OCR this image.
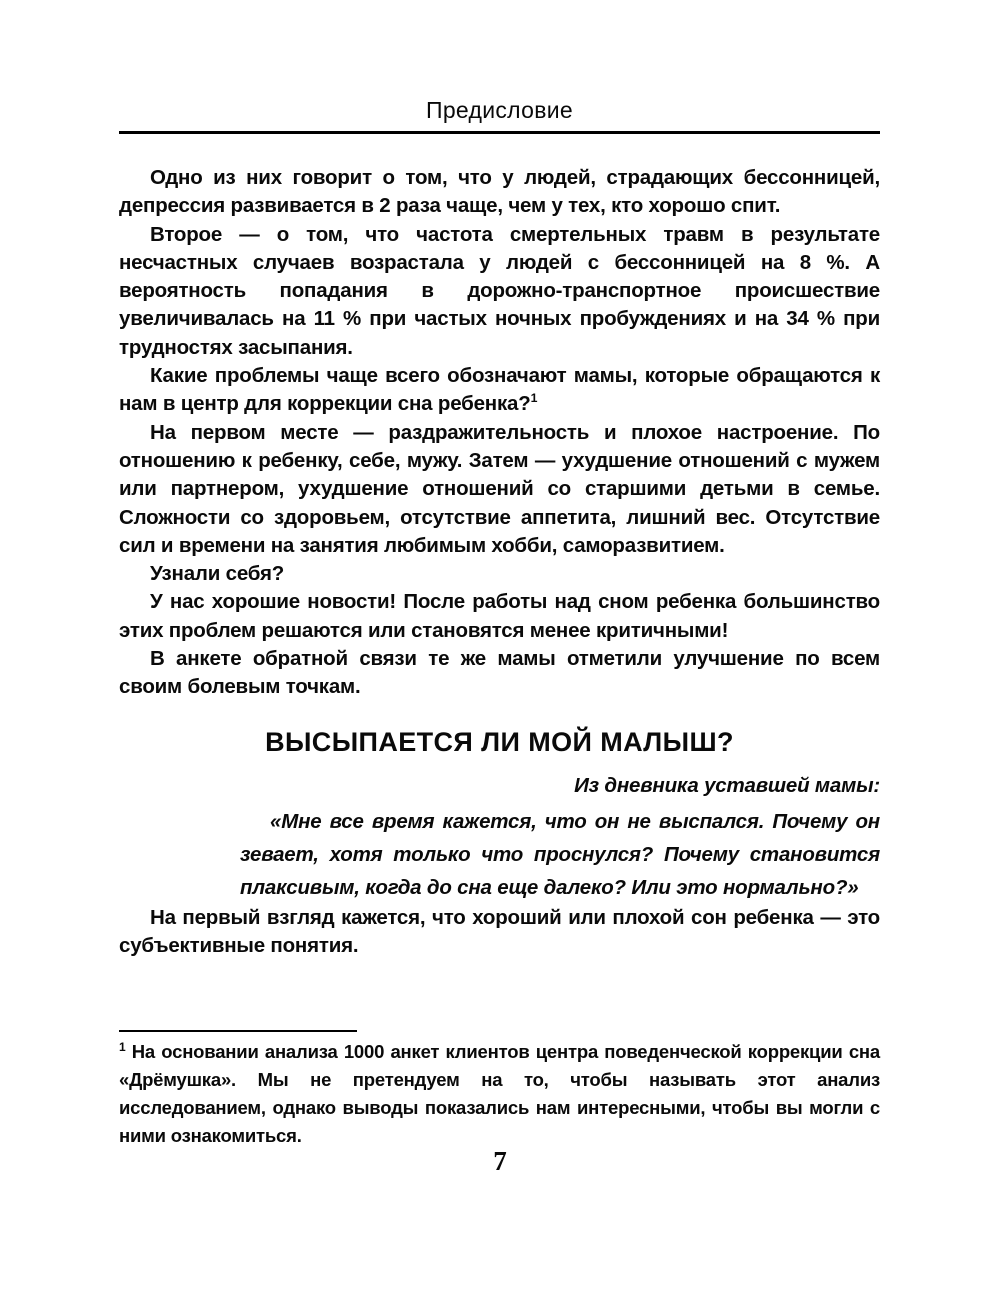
Предисловие

Одно из них говорит о том, что у людей, страдающих бессонницей, депрессия развивается в 2 раза чаще, чем у тех, кто хорошо спит.

Второе — о том, что частота смертельных травм в результате несчастных случаев возрастала у людей с бессонницей на 8 %. А вероятность попадания в дорожно-транспортное происшествие увеличивалась на 11 % при частых ночных пробуждениях и на 34 % при трудностях засыпания.

Какие проблемы чаще всего обозначают мамы, которые обращаются к нам в центр для коррекции сна ребенка?$^1$

На первом месте — раздражительность и плохое настроение. По отношению к ребенку, себе, мужу. Затем — ухудшение отношений с мужем или партнером, ухудшение отношений со старшими детьми в семье. Сложности со здоровьем, отсутствие аппетита, лишний вес. Отсутствие сил и времени на занятия любимым хобби, саморазвитием.

Узнали себя?

У нас хорошие новости! После работы над сном ребенка большинство этих проблем решаются или становятся менее критичными!

В анкете обратной связи те же мамы отметили улучшение по всем своим болевым точкам.

ВЫСЫПАЕТСЯ ЛИ МОЙ МАЛЫШ?

Из дневника уставшей мамы:

«Мне все время кажется, что он не выспался. Почему он зевает, хотя только что проснулся? Почему становится плаксивым, когда до сна еще далеко? Или это нормально?»

На первый взгляд кажется, что хороший или плохой сон ребенка — это субъективные понятия.

$^1$ На основании анализа 1000 анкет клиентов центра поведенческой коррекции сна «Дрёмушка». Мы не претендуем на то, чтобы называть этот анализ исследованием, однако выводы показались нам интересными, чтобы вы могли с ними ознакомиться.

7
